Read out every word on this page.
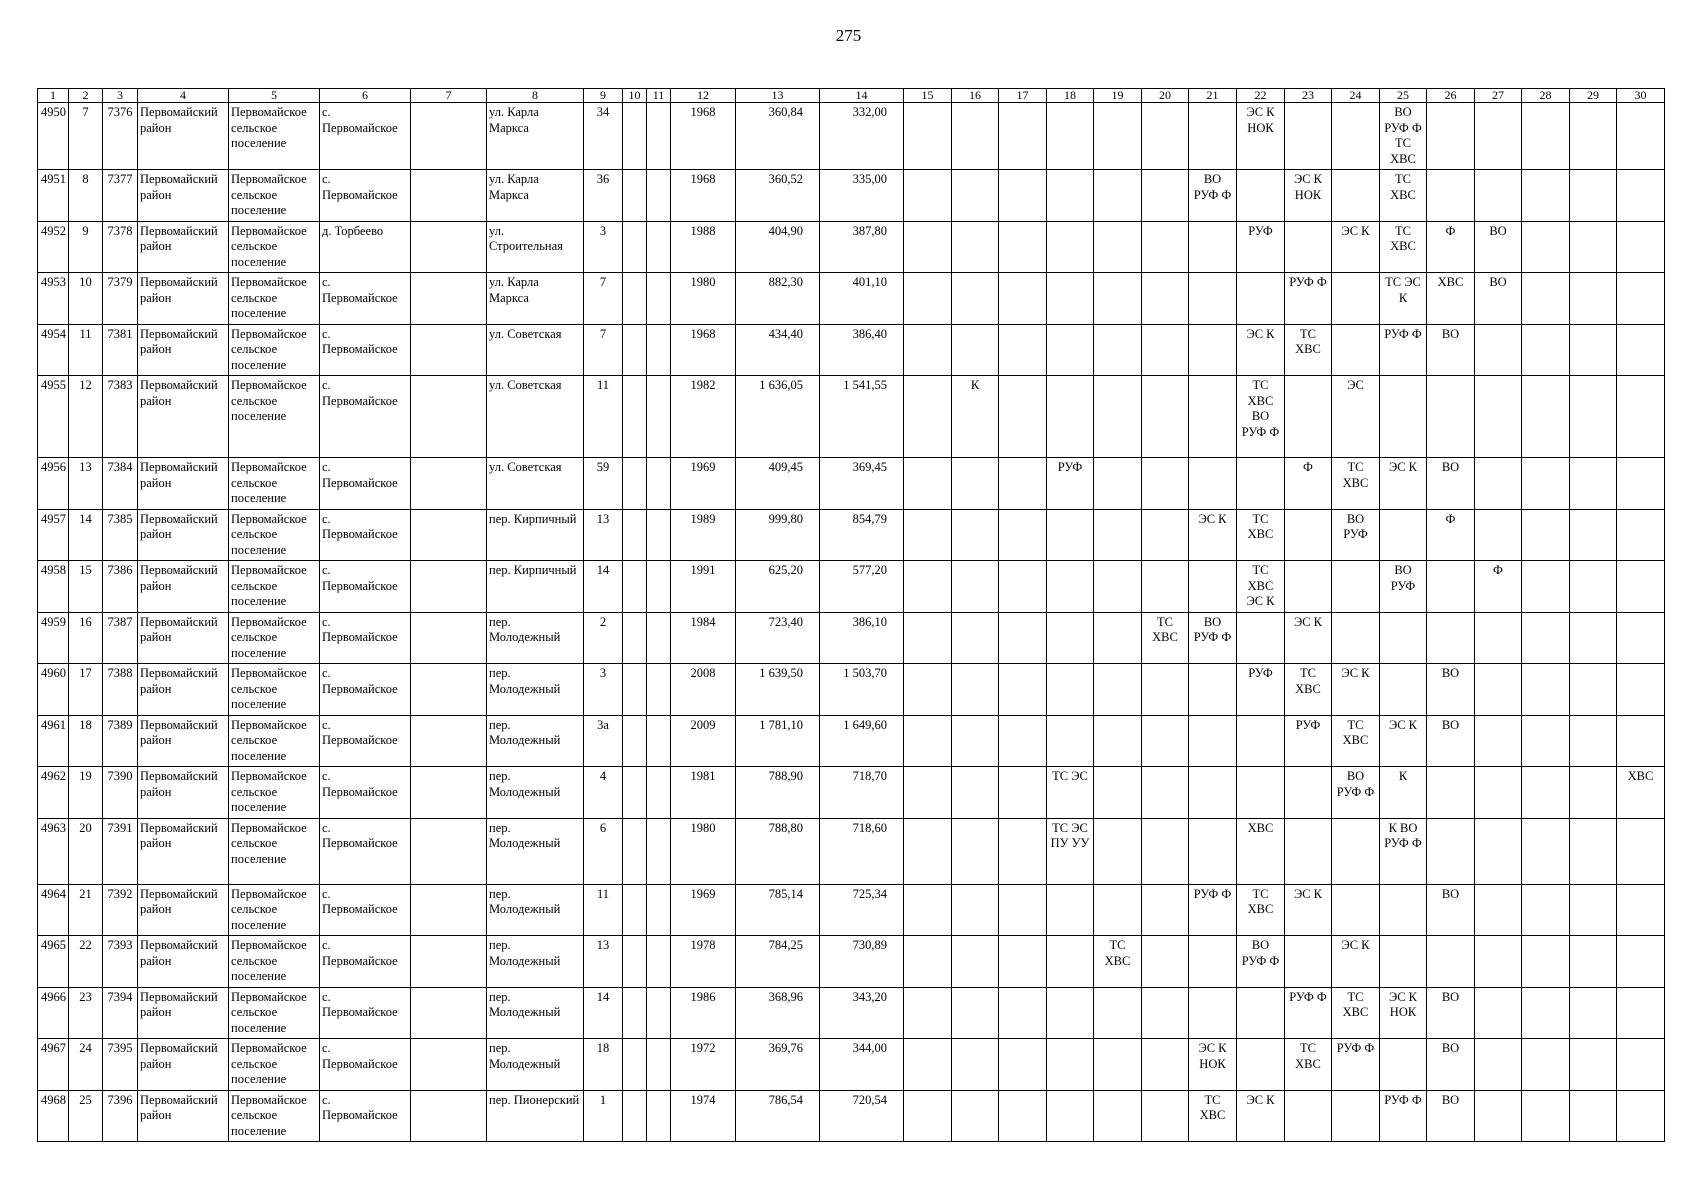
275
1	2	3	4	5	6	7	8	9	10	11	12	13	14	15	16	17	18	19	20	21	22	23	24	25	26	27	28	29	30
4950	7	7376	Первомайский район	Первомайское сельское поселение	с. Первомайское		ул. Карла Маркса	34			1968	360,84	332,00								ЭС К НОК			ВО РУФ Ф ТС ХВС					
4951	8	7377	Первомайский район	Первомайское сельское поселение	с. Первомайское		ул. Карла Маркса	36			1968	360,52	335,00							ВО РУФ Ф		ЭС К НОК		ТС ХВС					
4952	9	7378	Первомайский район	Первомайское сельское поселение	д. Торбеево		ул. Строительная	3			1988	404,90	387,80								РУФ		ЭС К	ТС ХВС	Ф	ВО			
4953	10	7379	Первомайский район	Первомайское сельское поселение	с. Первомайское		ул. Карла Маркса	7			1980	882,30	401,10									РУФ Ф		ТС ЭС К	ХВС	ВО			
4954	11	7381	Первомайский район	Первомайское сельское поселение	с. Первомайское		ул. Советская	7			1968	434,40	386,40								ЭС К	ТС ХВС		РУФ Ф	ВО				
4955	12	7383	Первомайский район	Первомайское сельское поселение	с. Первомайское		ул. Советская	11			1982	1 636,05	1 541,55		К						ТС ХВС ВО РУФ Ф		ЭС						
4956	13	7384	Первомайский район	Первомайское сельское поселение	с. Первомайское		ул. Советская	59			1969	409,45	369,45				РУФ					Ф	ТС ХВС	ЭС К	ВО				
4957	14	7385	Первомайский район	Первомайское сельское поселение	с. Первомайское		пер. Кирпичный	13			1989	999,80	854,79							ЭС К	ТС ХВС		ВО РУФ		Ф				
4958	15	7386	Первомайский район	Первомайское сельское поселение	с. Первомайское		пер. Кирпичный	14			1991	625,20	577,20								ТС ХВС ЭС К			ВО РУФ		Ф			
4959	16	7387	Первомайский район	Первомайское сельское поселение	с. Первомайское		пер. Молодежный	2			1984	723,40	386,10						ТС ХВС	ВО РУФ Ф		ЭС К							
4960	17	7388	Первомайский район	Первомайское сельское поселение	с. Первомайское		пер. Молодежный	3			2008	1 639,50	1 503,70								РУФ	ТС ХВС	ЭС К		ВО				
4961	18	7389	Первомайский район	Первомайское сельское поселение	с. Первомайское		пер. Молодежный	3а			2009	1 781,10	1 649,60									РУФ	ТС ХВС	ЭС К	ВО				
4962	19	7390	Первомайский район	Первомайское сельское поселение	с. Первомайское		пер. Молодежный	4			1981	788,90	718,70				ТС ЭС						ВО РУФ Ф	К					ХВС
4963	20	7391	Первомайский район	Первомайское сельское поселение	с. Первомайское		пер. Молодежный	6			1980	788,80	718,60				ТС ЭС ПУ УУ				ХВС			К ВО РУФ Ф					
4964	21	7392	Первомайский район	Первомайское сельское поселение	с. Первомайское		пер. Молодежный	11			1969	785,14	725,34							РУФ Ф	ТС ХВС	ЭС К			ВО				
4965	22	7393	Первомайский район	Первомайское сельское поселение	с. Первомайское		пер. Молодежный	13			1978	784,25	730,89					ТС ХВС			ВО РУФ Ф		ЭС К						
4966	23	7394	Первомайский район	Первомайское сельское поселение	с. Первомайское		пер. Молодежный	14			1986	368,96	343,20									РУФ Ф	ТС ХВС	ЭС К НОК	ВО				
4967	24	7395	Первомайский район	Первомайское сельское поселение	с. Первомайское		пер. Молодежный	18			1972	369,76	344,00							ЭС К НОК		ТС ХВС	РУФ Ф		ВО				
4968	25	7396	Первомайский район	Первомайское сельское поселение	с. Первомайское		пер. Пионерский	1			1974	786,54	720,54							ТС ХВС	ЭС К			РУФ Ф	ВО				
